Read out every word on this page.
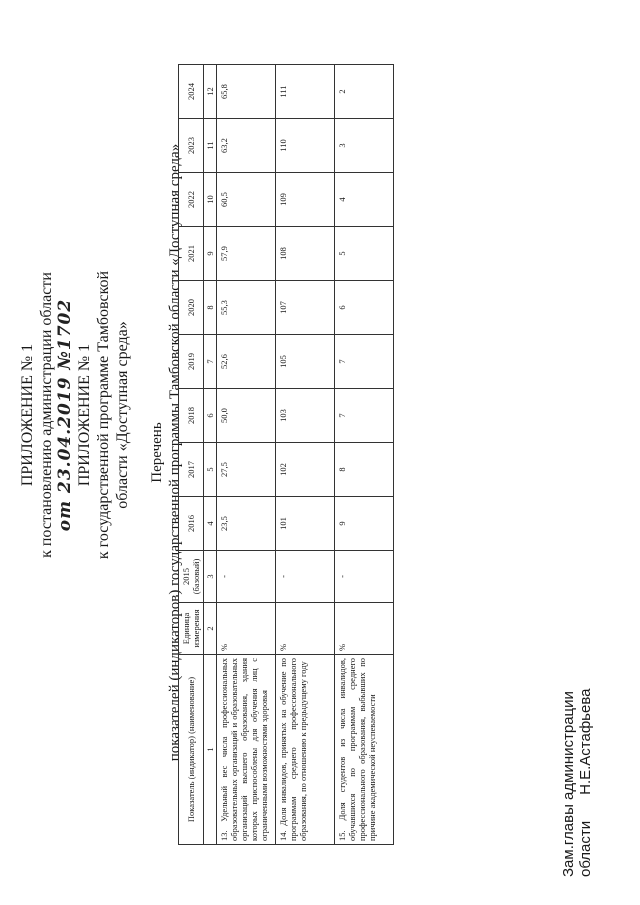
ПРИЛОЖЕНИЕ № 1 к постановлению администрации области от 23.04.2019 №1702 ПРИЛОЖЕНИЕ № 1 к государственной программе Тамбовской области «Доступная среда» Перечень показателей (индикаторов) государственной программы Тамбовской области «Доступная среда» Показатель (индикатор) (наименование)	Единица измерения	2015 (базовый)	2016	2017	2018	2019	2020	2021	2022	2023	2024
1	2	3	4	5	6	7	8	9	10	11	12
13. Удельный вес числа профессиональных образовательных организаций и образовательных организаций высшего образования, здания которых приспособлены для обучения лиц с ограниченными возможностями здоровья	%	-	23,5	27,5	50,0	52,6	55,3	57,9	60,5	63,2	65,8
14. Доля инвалидов, принятых на обучение по программам среднего профессионального образования, по отношению к предыдущему году	%	-	101	102	103	105	107	108	109	110	111
15. Доля студентов из числа инвалидов, обучавшихся по программам среднего профессионального образования, выбывших по причине академической неуспеваемости	%	-	9	8	7	7	6	5	4	3	2
Зам.главы администрации областиН.Е.Астафьева
